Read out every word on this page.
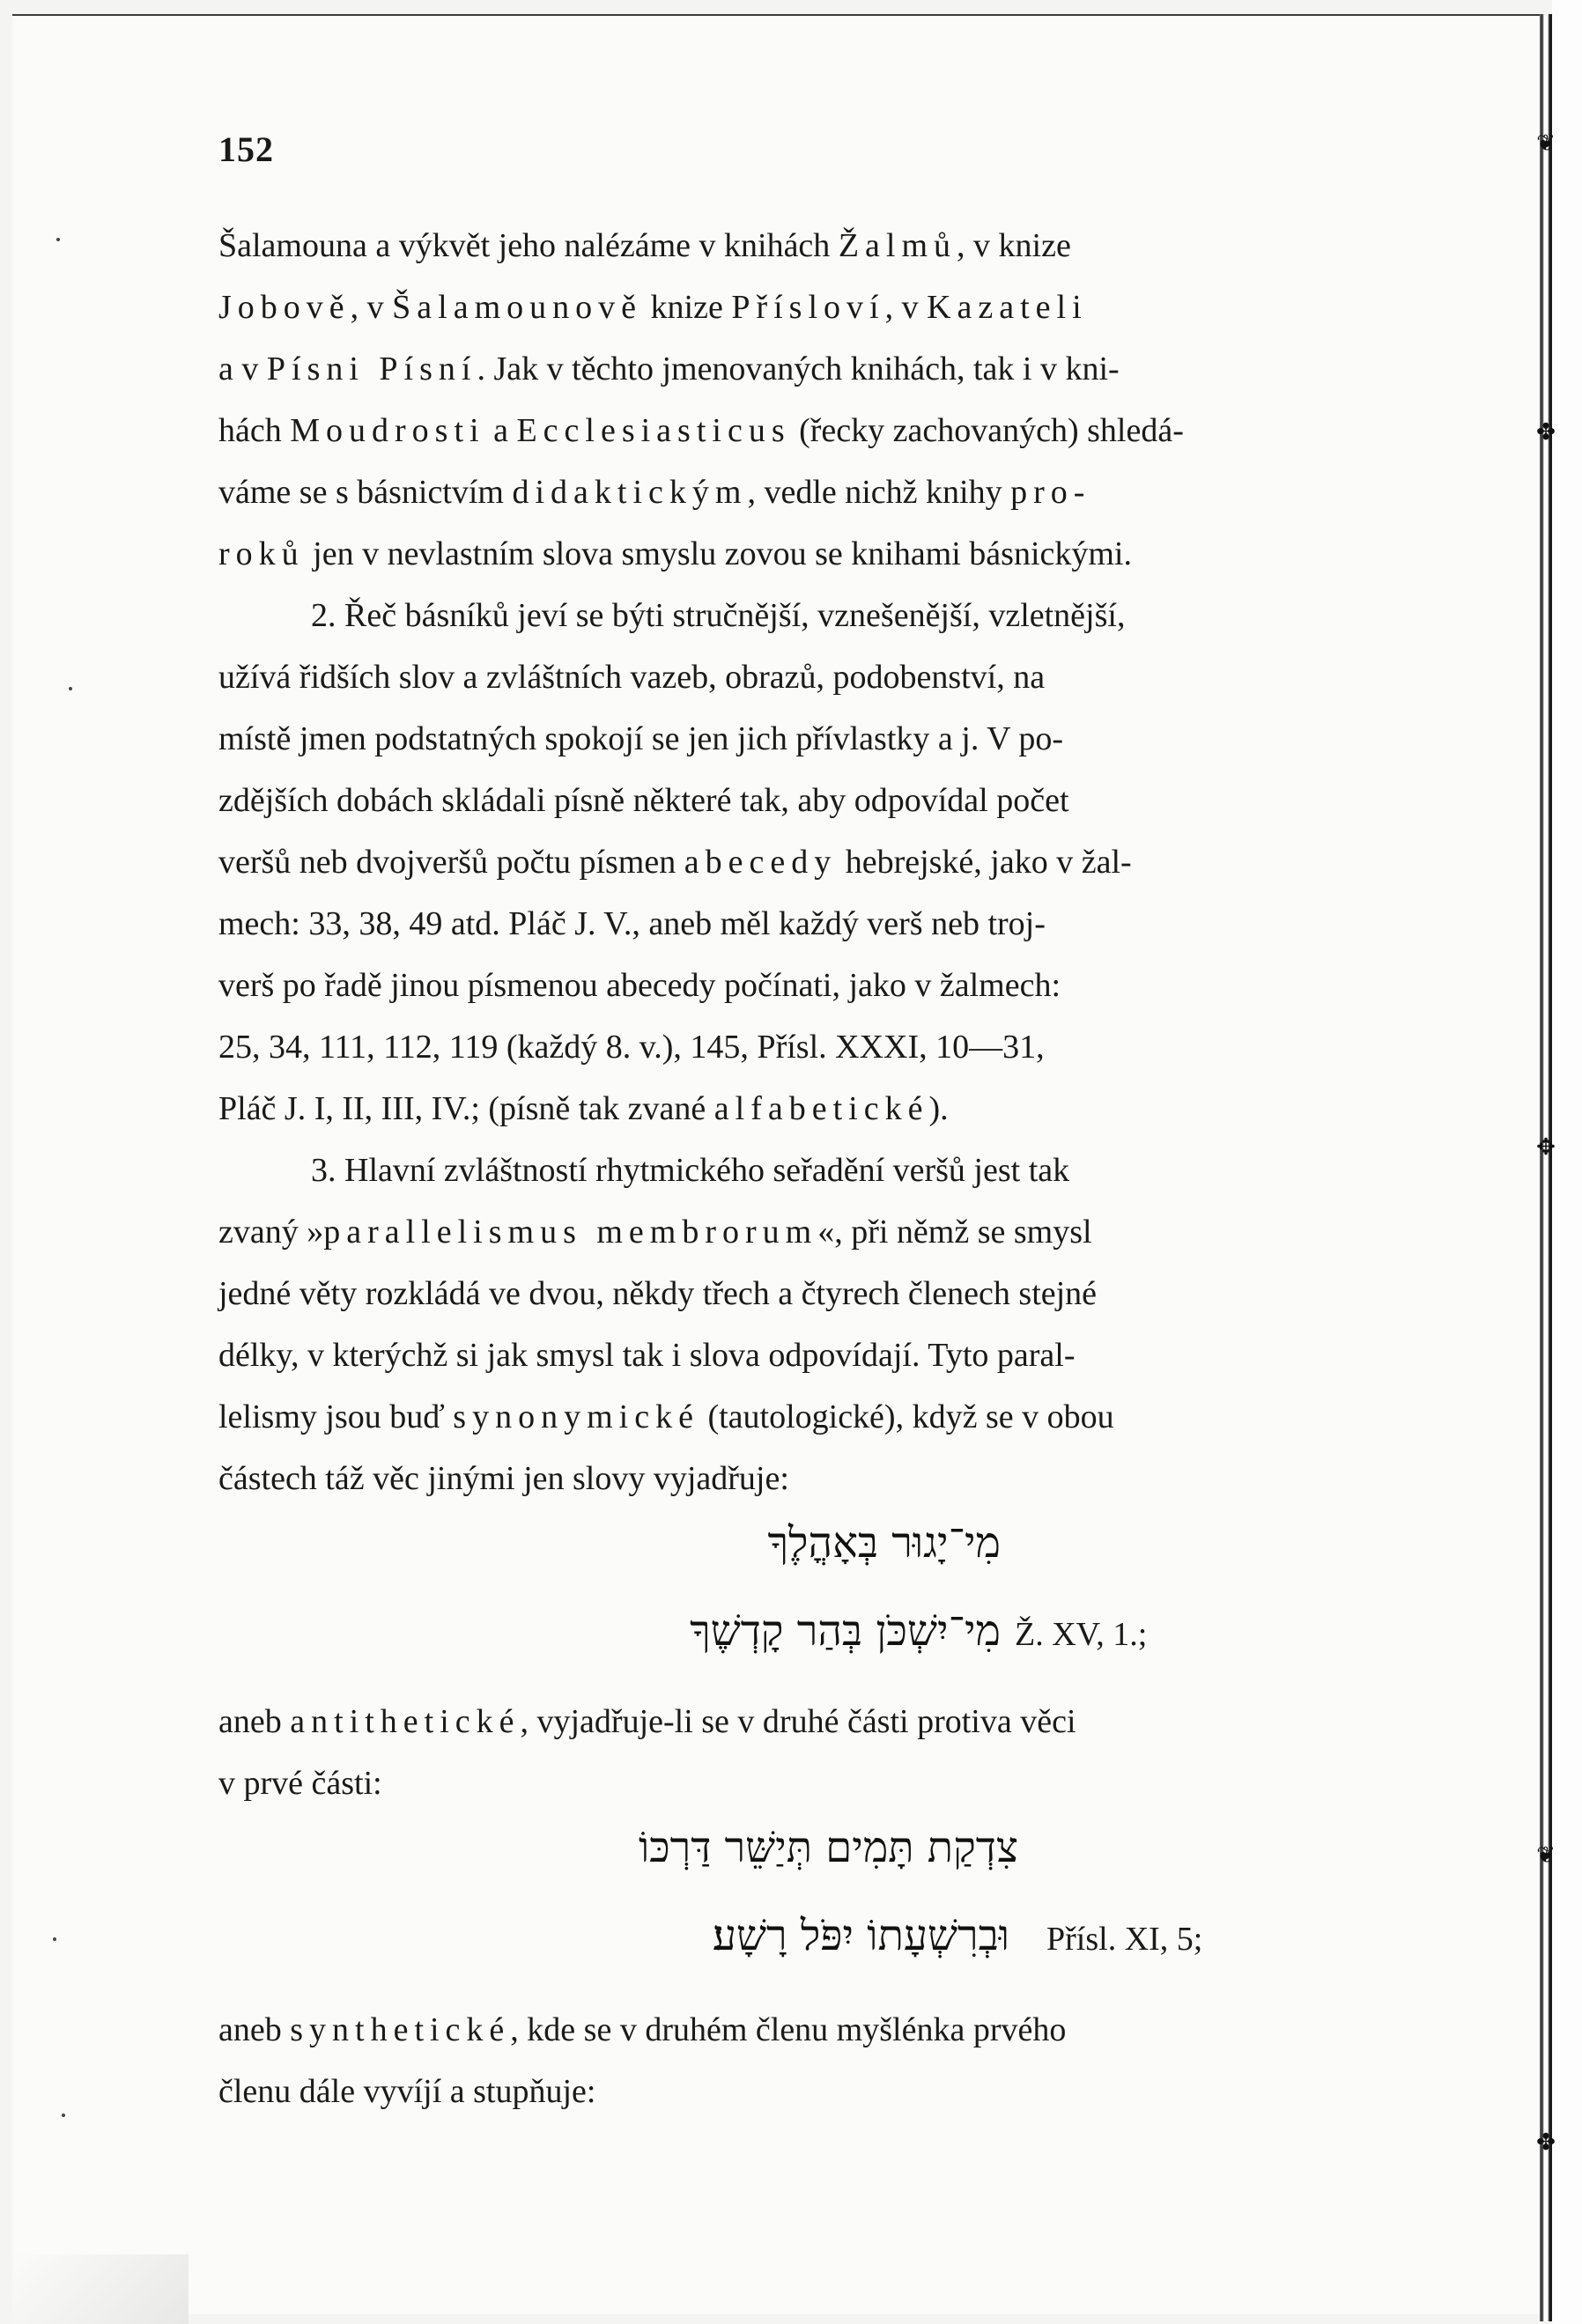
❦
✤
✥
❦
✤
152
Šalamouna a výkvět jeho nalézáme v knihách Žalmů, v knize
Jobově, v Šalamounově knize Přísloví, v Kazateli
a v Písni Písní. Jak v těchto jmenovaných knihách, tak i v kni-
hách Moudrosti a Ecclesiasticus (řecky zachovaných) shledá-
váme se s básnictvím didaktickým, vedle nichž knihy pro-
roků jen v nevlastním slova smyslu zovou se knihami básnickými.
2. Řeč básníků jeví se býti stručnější, vznešenější, vzletnější,
užívá řidších slov a zvláštních vazeb, obrazů, podobenství, na
místě jmen podstatných spokojí se jen jich přívlastky a j. V po-
zdějších dobách skládali písně některé tak, aby odpovídal počet
veršů neb dvojveršů počtu písmen abecedy hebrejské, jako v žal-
mech: 33, 38, 49 atd. Pláč J. V., aneb měl každý verš neb troj-
verš po řadě jinou písmenou abecedy počínati, jako v žalmech:
25, 34, 111, 112, 119 (každý 8. v.), 145, Přísl. XXXI, 10—31,
Pláč J. I, II, III, IV.; (písně tak zvané alfabetické).
3. Hlavní zvláštností rhytmického seřadění veršů jest tak
zvaný »parallelismus membrorum«, při němž se smysl
jedné věty rozkládá ve dvou, někdy třech a čtyrech členech stejné
délky, v kterýchž si jak smysl tak i slova odpovídají. Tyto paral-
lelismy jsou buď synonymické (tautologické), když se v obou
částech táž věc jinými jen slovy vyjadřuje:
מִי־יָגוּר בְּאָהֳלֶךָ
מִי־יִשְׁכֹּן בְּהַר קָדְשֶׁךָ Ž. XV, 1.;
aneb antithetické, vyjadřuje-li se v druhé části protiva věci
v prvé části:
צִדְקַת תָּמִים תְּיַשֵּׁר דַּרְכּוֹ
וּבְרִשְׁעָתוֹ יִפֹּל רָשָׁע׃ Přísl. XI, 5;
aneb synthetické, kde se v druhém členu myšlénka prvého
členu dále vyvíjí a stupňuje:
